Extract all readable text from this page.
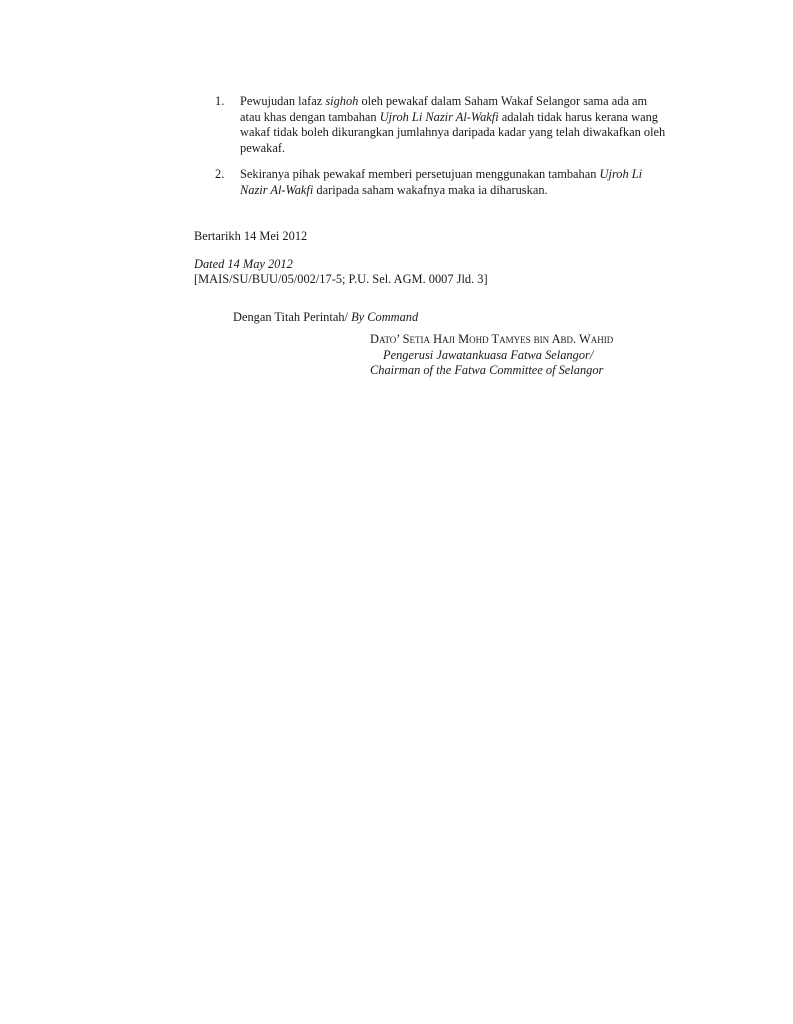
1. Pewujudan lafaz sighoh oleh pewakaf dalam Saham Wakaf Selangor sama ada am atau khas dengan tambahan Ujroh Li Nazir Al-Wakfi adalah tidak harus kerana wang wakaf tidak boleh dikurangkan jumlahnya daripada kadar yang telah diwakafkan oleh pewakaf.
2. Sekiranya pihak pewakaf memberi persetujuan menggunakan tambahan Ujroh Li Nazir Al-Wakfi daripada saham wakafnya maka ia diharuskan.
Bertarikh 14 Mei 2012
Dated 14 May 2012
[MAIS/SU/BUU/05/002/17-5; P.U. Sel. AGM. 0007 Jld. 3]
Dengan Titah Perintah/ By Command
Dato’ Setia Haji Mohd Tamyes bin Abd. Wahid
Pengerusi Jawatankuasa Fatwa Selangor/
Chairman of the Fatwa Committee of Selangor
